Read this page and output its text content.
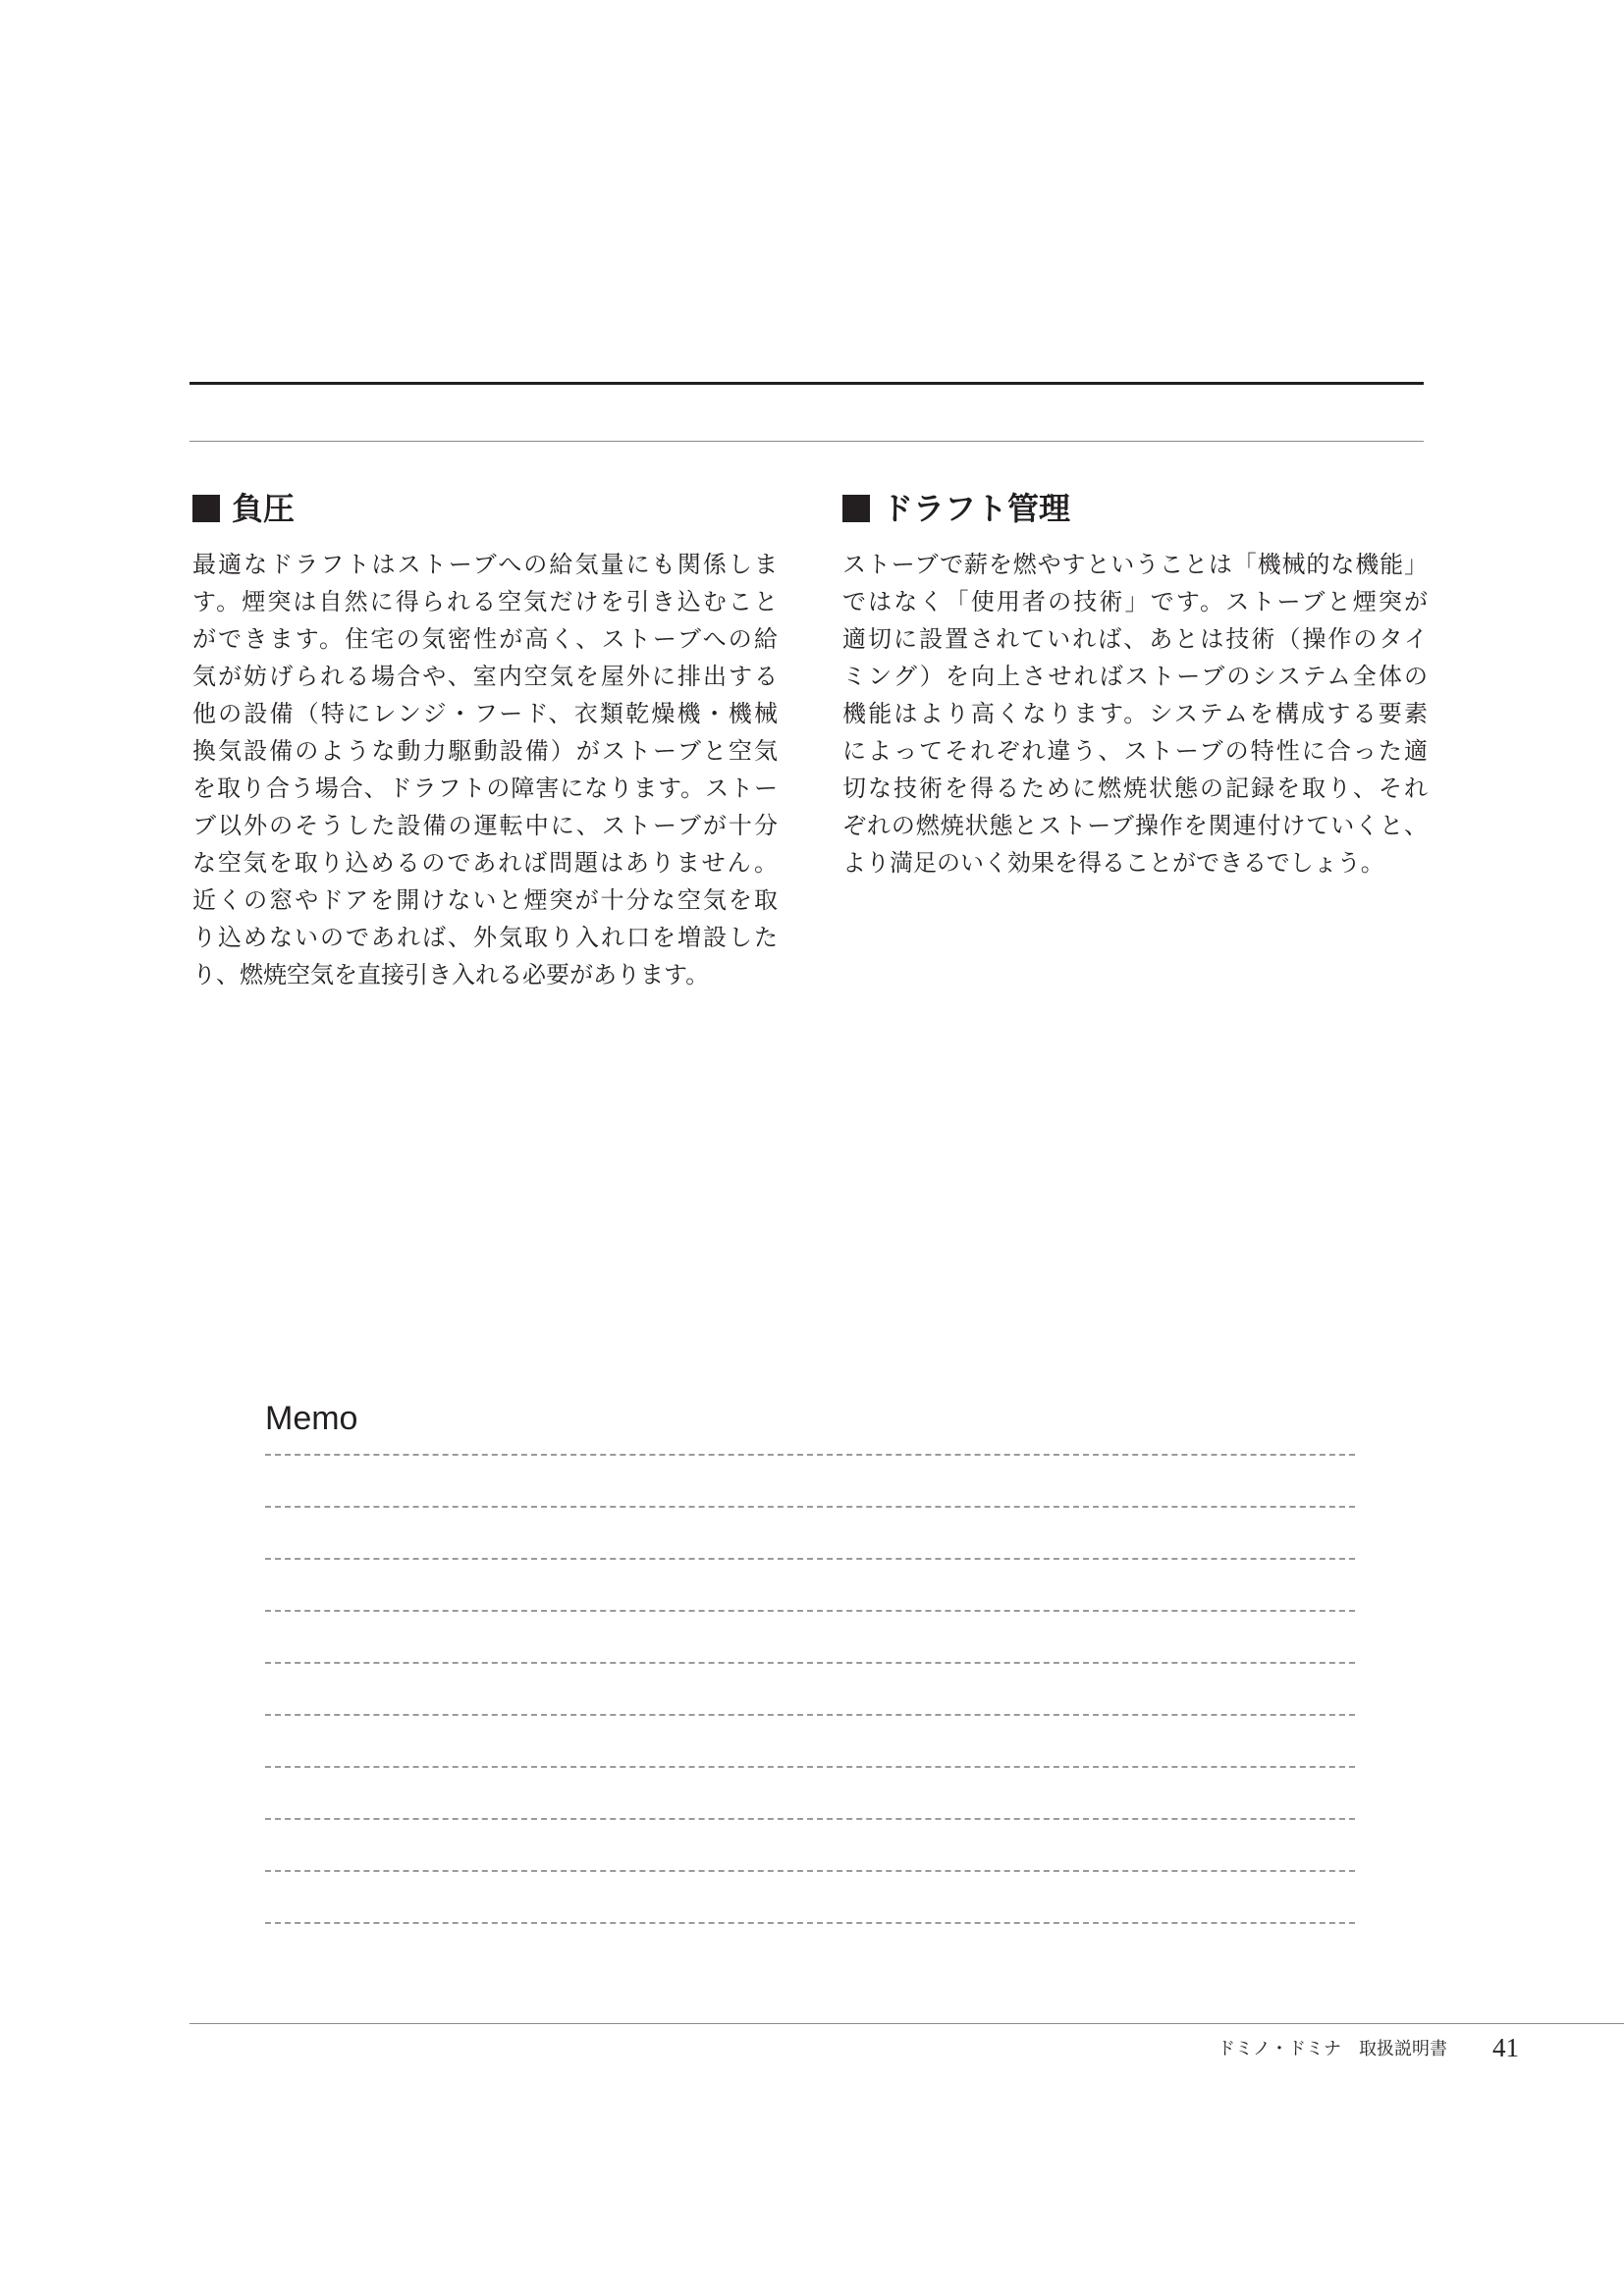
負圧
最適なドラフトはストーブへの給気量にも関係しま
す。煙突は自然に得られる空気だけを引き込むこと
ができます。住宅の気密性が高く、ストーブへの給
気が妨げられる場合や、室内空気を屋外に排出する
他の設備（特にレンジ・フード、衣類乾燥機・機械
換気設備のような動力駆動設備）がストーブと空気
を取り合う場合、ドラフトの障害になります。ストー
ブ以外のそうした設備の運転中に、ストーブが十分
な空気を取り込めるのであれば問題はありません。
近くの窓やドアを開けないと煙突が十分な空気を取
り込めないのであれば、外気取り入れ口を増設した
り、燃焼空気を直接引き入れる必要があります。
ドラフト管理
ストーブで薪を燃やすということは「機械的な機能」
ではなく「使用者の技術」です。ストーブと煙突が
適切に設置されていれば、あとは技術（操作のタイ
ミング）を向上させればストーブのシステム全体の
機能はより高くなります。システムを構成する要素
によってそれぞれ違う、ストーブの特性に合った適
切な技術を得るために燃焼状態の記録を取り、それ
ぞれの燃焼状態とストーブ操作を関連付けていくと、
より満足のいく効果を得ることができるでしょう。
Memo
ドミノ・ドミナ　取扱説明書 41
